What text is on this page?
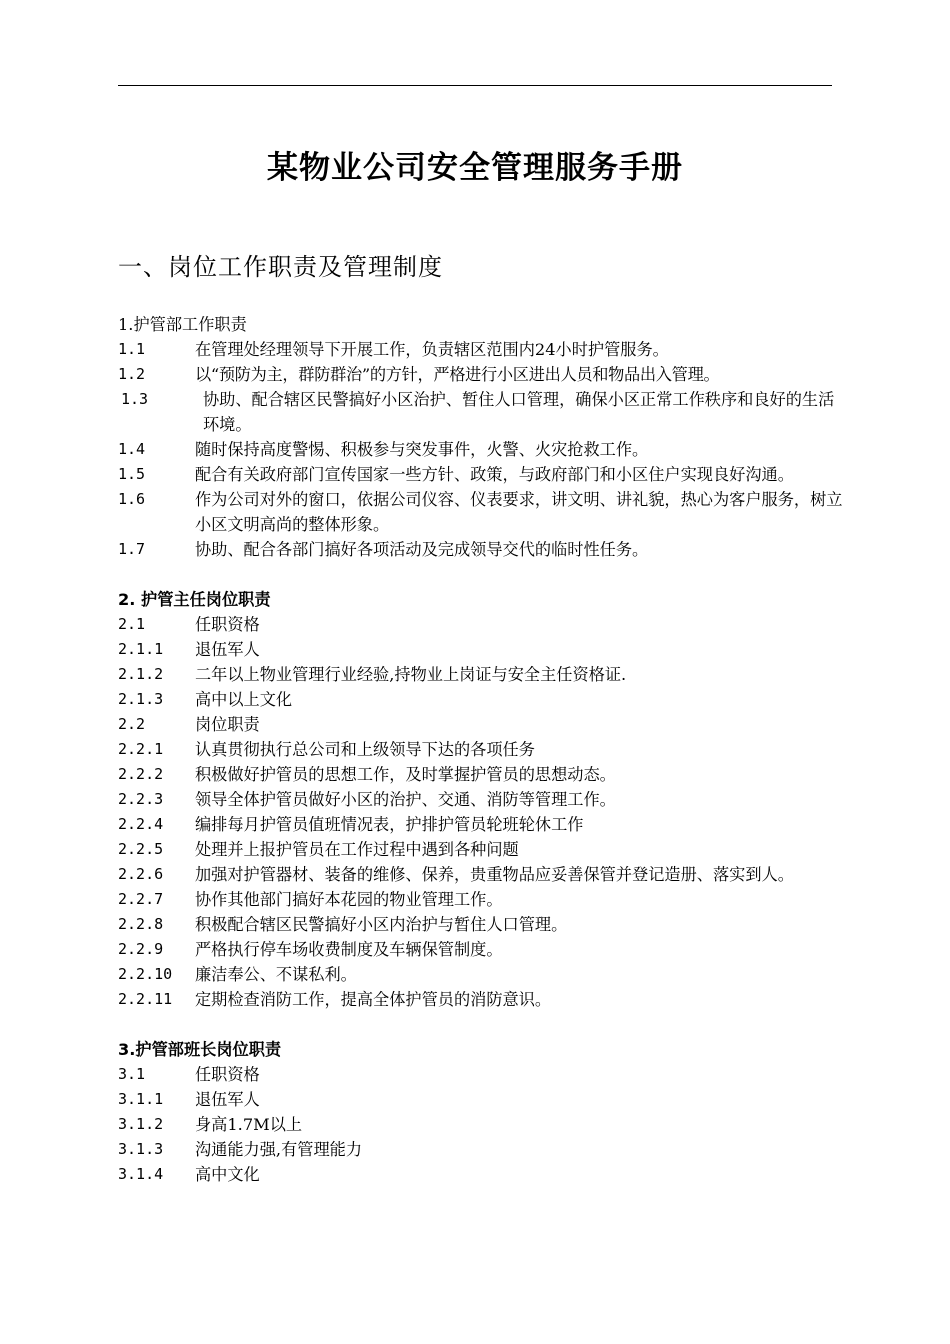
某物业公司安全管理服务手册
一、岗位工作职责及管理制度
1.护管部工作职责
1.1	在管理处经理领导下开展工作，负责辖区范围内24小时护管服务。
1.2	以“预防为主，群防群治”的方针，严格进行小区进出人员和物品出入管理。
1.3	协助、配合辖区民警搞好小区治护、暂住人口管理，确保小区正常工作秩序和良好的生活环境。
1.4	随时保持高度警惕、积极参与突发事件，火警、火灾抢救工作。
1.5	配合有关政府部门宣传国家一些方针、政策，与政府部门和小区住户实现良好沟通。
1.6	作为公司对外的窗口，依据公司仪容、仪表要求，讲文明、讲礼貌，热心为客户服务，树立小区文明高尚的整体形象。
1.7	协助、配合各部门搞好各项活动及完成领导交代的临时性任务。
2. 护管主任岗位职责
2.1	任职资格
2.1.1	退伍军人
2.1.2	二年以上物业管理行业经验,持物业上岗证与安全主任资格证.
2.1.3	高中以上文化
2.2	岗位职责
2.2.1	认真贯彻执行总公司和上级领导下达的各项任务
2.2.2	积极做好护管员的思想工作，及时掌握护管员的思想动态。
2.2.3	领导全体护管员做好小区的治护、交通、消防等管理工作。
2.2.4	编排每月护管员值班情况表，护排护管员轮班轮休工作
2.2.5	处理并上报护管员在工作过程中遇到各种问题
2.2.6	加强对护管器材、装备的维修、保养，贵重物品应妥善保管并登记造册、落实到人。
2.2.7	协作其他部门搞好本花园的物业管理工作。
2.2.8	积极配合辖区民警搞好小区内治护与暂住人口管理。
2.2.9	严格执行停车场收费制度及车辆保管制度。
2.2.10	廉洁奉公、不谋私利。
2.2.11	定期检查消防工作，提高全体护管员的消防意识。
3.护管部班长岗位职责
3.1	任职资格
3.1.1	退伍军人
3.1.2	身高1.7M以上
3.1.3	沟通能力强,有管理能力
3.1.4	高中文化
